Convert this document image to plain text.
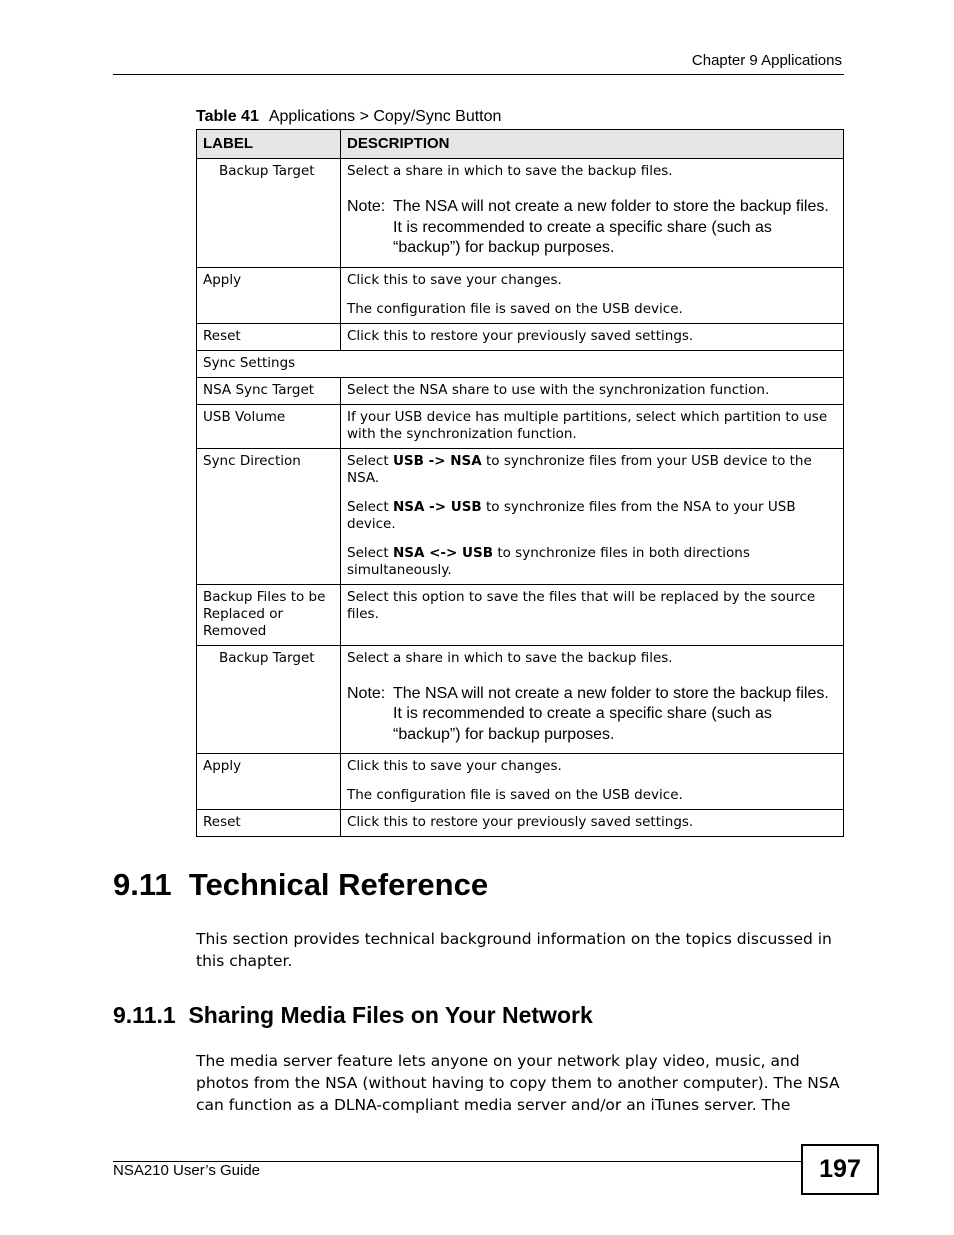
Chapter 9 Applications
Table 41 Applications > Copy/Sync Button
LABEL	DESCRIPTION
Backup Target	Select a share in which to save the backup files.
Note: The NSA will not create a new folder to store the backup files. It is recommended to create a specific share (such as “backup”) for backup purposes.

Apply	Click this to save your changes.
The configuration file is saved on the USB device.

Reset	Click this to restore your previously saved settings.
Sync Settings	
NSA Sync Target	Select the NSA share to use with the synchronization function.
USB Volume	If your USB device has multiple partitions, select which partition to use with the synchronization function.
Sync Direction	Select USB -> NSA to synchronize files from your USB device to the NSA.
Select NSA -> USB to synchronize files from the NSA to your USB device.
Select NSA <-> USB to synchronize files in both directions simultaneously.

Backup Files to be Replaced or Removed	Select this option to save the files that will be replaced by the source files.
Backup Target	Select a share in which to save the backup files.
Note: The NSA will not create a new folder to store the backup files. It is recommended to create a specific share (such as “backup”) for backup purposes.

Apply	Click this to save your changes.
The configuration file is saved on the USB device.

Reset	Click this to restore your previously saved settings.
9.11  Technical Reference
This section provides technical background information on the topics discussed in this chapter.
9.11.1  Sharing Media Files on Your Network
The media server feature lets anyone on your network play video, music, and photos from the NSA (without having to copy them to another computer). The NSA can function as a DLNA-compliant media server and/or an iTunes server. The
NSA210 User’s Guide	197
